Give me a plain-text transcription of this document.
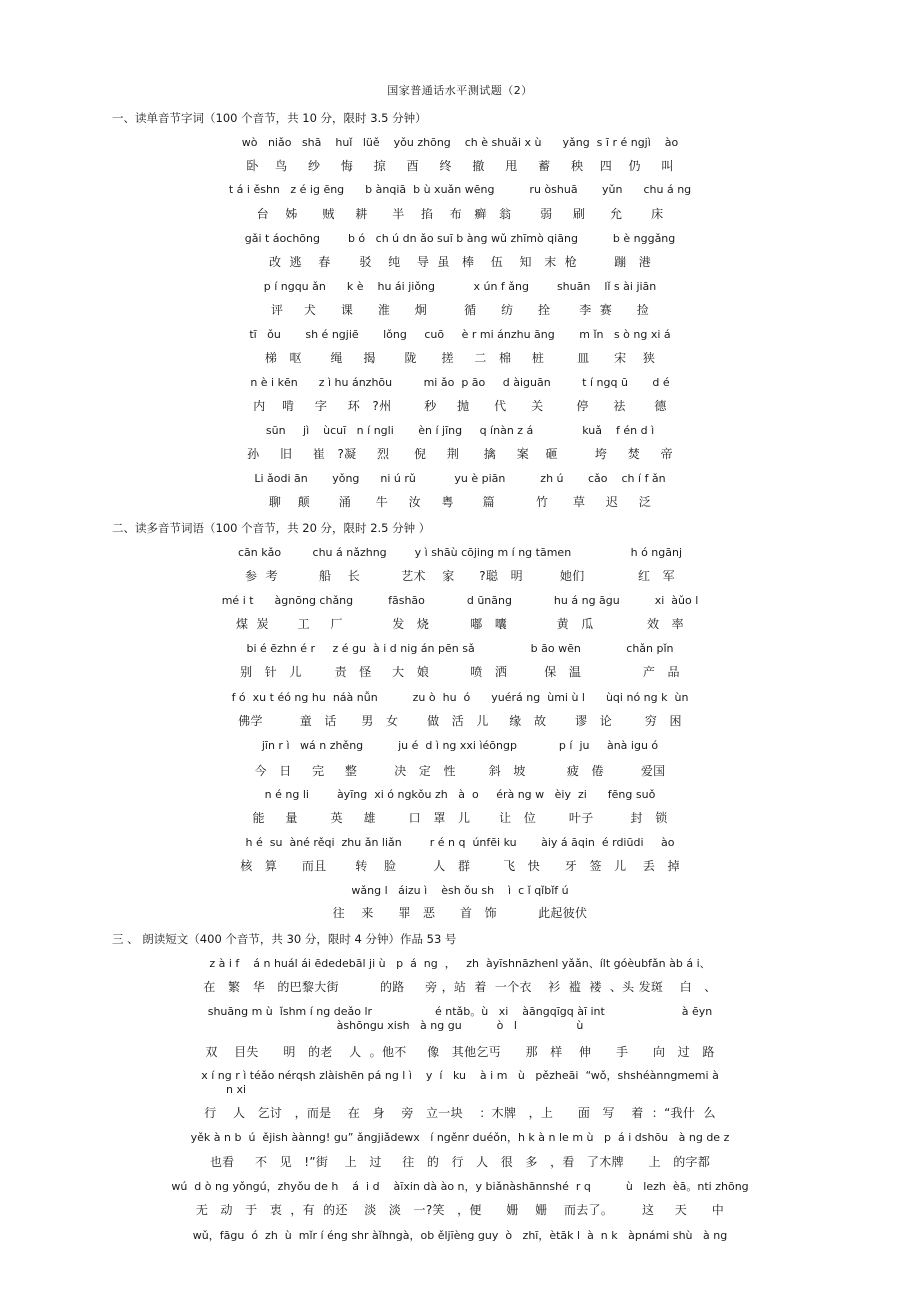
国家普通话水平测试题（2）
一、读单音节字词（100 个音节，共 10 分，限时 3.5 分钟）
wò   niǎo   shā    huǐ   lüě    yǒu zhōng    ch è shuǎi x ù      yǎng  s ī r é ngjì    ào
卧    鸟     纱     悔     掠     酉     终     撤     甩     蓄     秧    四    仍     叫
t á i ěshn   z é ig ēng      b ànqiā  b ù xuǎn wēng          ru òshuā       yǔn      chu á ng
台    姊      贼     耕      半    掐    布   癣   翁       弱     刷      允       床
gǎi t áochōng        b ó   ch ú dn ǎo suī b ànɡ wǔ zhīmò qiāng          b è nggǎng
改  逃    春       驳    纯    导  虽   棒    伍    知   末  枪         蹦   港
p í ngqu ǎn      k è    hu ái jiǒng           x ún f ǎng        shuān    lǐ s ài jiān
评     犬      课      淮      炯         循      纺      拴       李  赛      捡
tī   ǒu       sh é ngjiē       lǒng     cuō     è r mi ánzhu āng       m ǐn   s ò ng xi á
梯   呕       绳     揭       陇      搓     二   棉     桩        皿      宋    狭
n è i kēn      z ì hu ánzhōu         mi ǎo  p āo     d àiguān         t í ngq ū       d é
内    啃     字     环   ?州        秒     抛      代      关        停      祛       德
sūn     jì    ùcuī   n í ngli       èn í jīng     q ínàn z á              kuǎ    f én d ì
孙     旧     崔   ?凝     烈      倪     荆      擒     案    砸         垮     焚     帝
Li ǎodi ān       yǒng      ni ú rǔ           yu è piān          zh ú       cǎo    ch í f ǎn
聊    颠       涌      牛     汝     粤       篇          竹      草     迟     泛
二、读多音节词语（100 个音节，共 20 分，限时 2.5 分钟 ）
cān kǎo         chu á nǎzhng        y ì shāù cōjing m í ng tāmen                 h ó ngānj
参  考          船    长          艺术    家      ?聪   明         她们             红   军
mé i t      àgnōng chǎng          fāshāo            d ūnāng            hu á ng āgu          xi  àǔo l
煤  炭       工     厂            发   烧          嘟   囔            黄   瓜             效   率
bi é ēzhn é r     z é gu  à i d nig án pēn sǎ                b āo wēn             chǎn pǐn
别   针   儿        责   怪     大   娘          喷   洒         保   温               产   品
f ó  xu t éó ng hu  náà nǚn          zu ò  hu  ó      yuérá ng  ùmi ù l      ùqi nó ng k  ùn
佛学         童   话      男   女       做   活   儿     缘   故       谬   论        穷   困
jīn r ì   wá n zhěng          ju é  d ì ng xxi ìéōngp            p í  ju     ànà igu ó
今   日     完     整         决   定   性        斜   坡          疲   倦         爱国
n é ng li        àyīng  xi ó ngkǒu zh   à  o     érà ng w   èiy  zi      fēng suǒ
能     量        英     雄        口   罩   儿       让   位        叶子         封   锁
h é  su  àné rěqi  zhu ǎn liǎn        r é n q  únfēi ku       àiy á āqin  é rdiūdi     ào
核   算      而且       转    脸         人   群        飞   快      牙   签   儿    丢   掉
wǎng l   áizu ì    èsh ǒu sh    ì  c ǐ qǐbǐf ú
往    来      罪   恶      首   饰          此起彼伏
三 、 朗读短文（400 个音节，共 30 分，限时 4 分钟）作品 53 号
z à i f    á n huál ái ēdedebāl ji ù   p  á  ng  ，   zh  àyīshnāzhenl yǎǎn、ílt góèubfǎn àb á i、
在   繁   华   的巴黎大街          的路     旁 ，站  着  一个衣    衫  褴  褛  、头 发斑    白   、
shuāng m ù  ǐshm í ng deǎo lr                  é ntǎb。ù   xi    àāngqīgq àī int                      à ēyn
àshōngu xish   à ng gu          ò   l                 ù
双    目失      明   的老    人  。他不     像   其他乞丐      那   样    伸      手      向   过   路
x í ng r ì téǎo nérqsh zlàishēn pá ng l ì    y  í   ku    à i m   ù   pězheāi  “wǒ，shshéànngmemi à
n xi
行    人   乞讨   ，而是    在   身    旁   立一块    ：木牌   ，上      面   写    着  ：“我什  么
yěk à n b  ú  ějish àànng! gu” ǎngjiǎdewx   í ngěnr duéǒn，h k à n le m ù   p  á i dshōu   à ng de z
也看     不   见   !”街    上   过     往   的   行   人   很   多   ，看   了木牌      上   的字都
wú  d ò ng yǒngú，zhyǒu de h    á  i d    àīxin dà ào n，y biǎnàshānnshé  r q          ù   lezh  èā。nti zhōng
无   动   于   衷  ，有  的还    淡   淡   一?笑   ，便      姗    姗    而去了。       这     天      中
wǔ，fāgu  ó  zh  ù  mǐr í éng shr àǐhngà，ob ěljīèng guy  ò   zhī，ètāk l  à  n k   àpnámi shù   à ng
